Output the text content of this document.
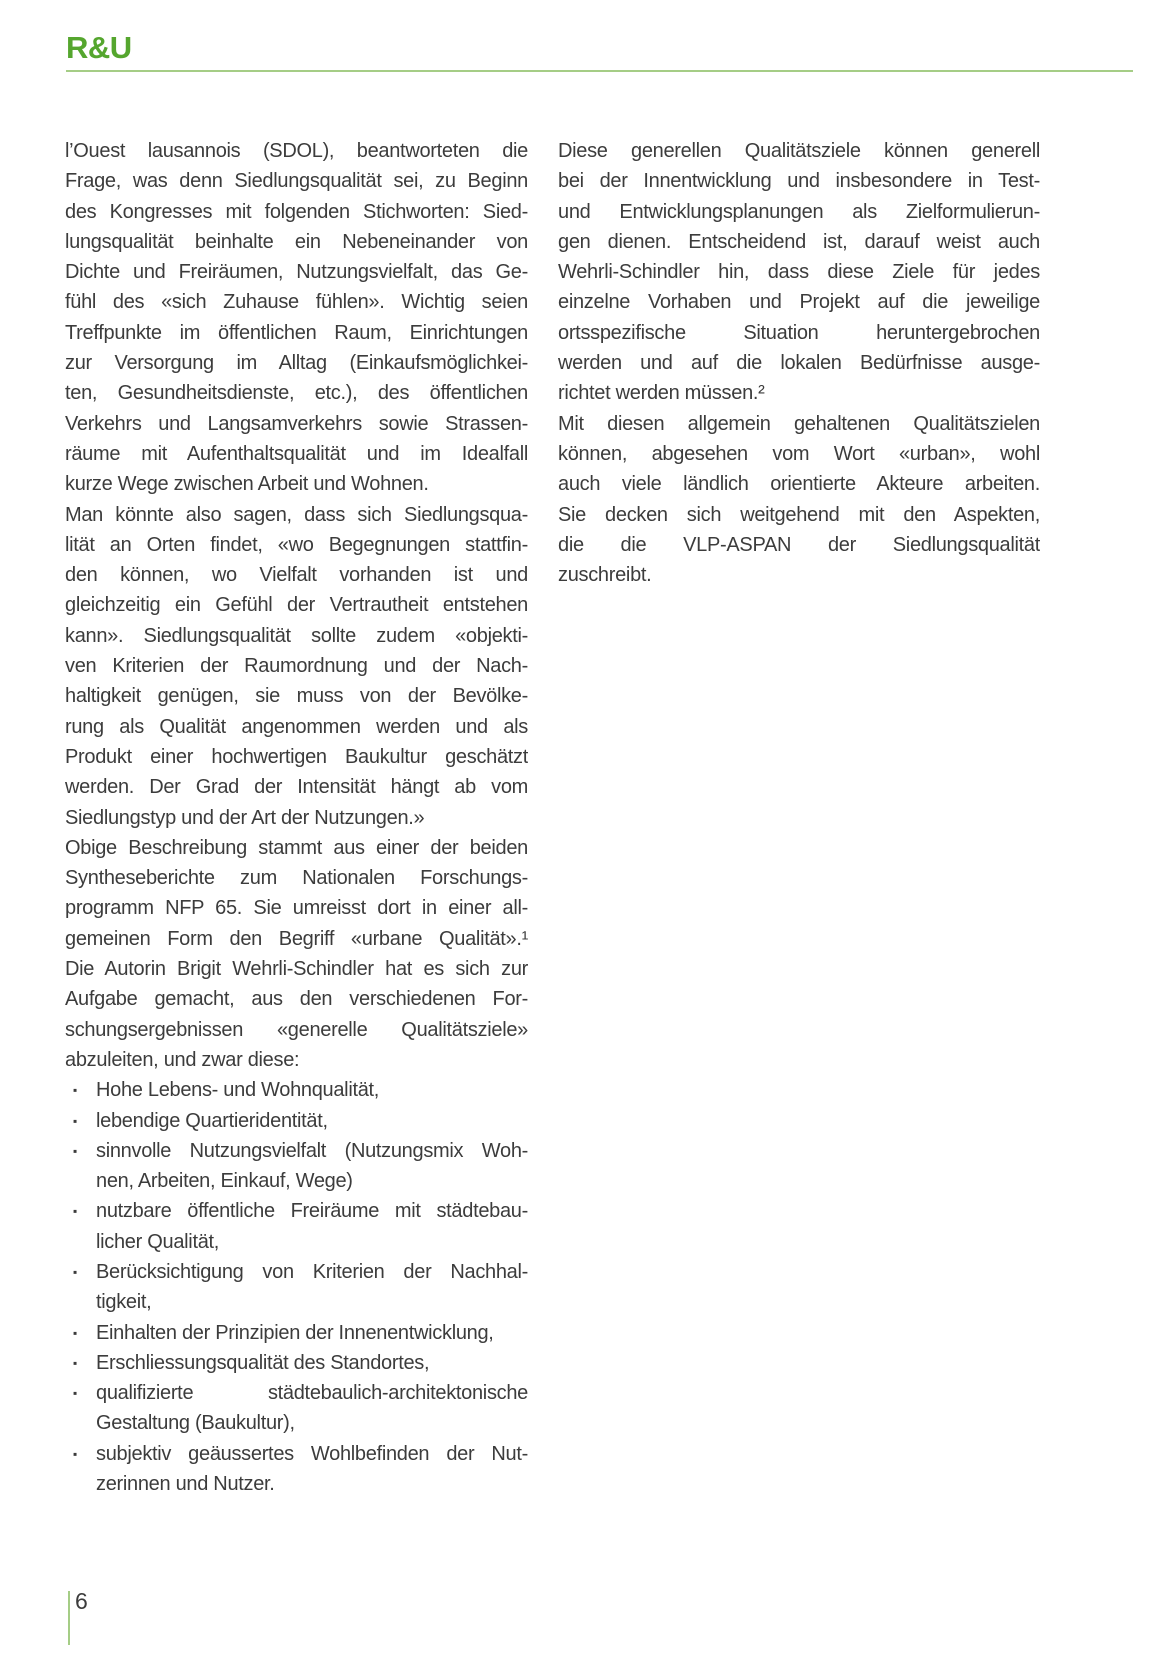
R&U
l’Ouest lausannois (SDOL), beantworteten die
Frage, was denn Siedlungsqualität sei, zu Beginn
des Kongresses mit folgenden Stichworten: Sied-
lungsqualität beinhalte ein Nebeneinander von
Dichte und Freiräumen, Nutzungsvielfalt, das Ge-
fühl des «sich Zuhause fühlen». Wichtig seien
Treffpunkte im öffentlichen Raum, Einrichtungen
zur Versorgung im Alltag (Einkaufsmöglichkei-
ten, Gesundheitsdienste, etc.), des öffentlichen
Verkehrs und Langsamverkehrs sowie Strassen-
räume mit Aufenthaltsqualität und im Idealfall
kurze Wege zwischen Arbeit und Wohnen.
Man könnte also sagen, dass sich Siedlungsqua-
lität an Orten findet, «wo Begegnungen stattfin-
den können, wo Vielfalt vorhanden ist und
gleichzeitig ein Gefühl der Vertrautheit entstehen
kann». Siedlungsqualität sollte zudem «objekti-
ven Kriterien der Raumordnung und der Nach-
haltigkeit genügen, sie muss von der Bevölke-
rung als Qualität angenommen werden und als
Produkt einer hochwertigen Baukultur geschätzt
werden. Der Grad der Intensität hängt ab vom
Siedlungstyp und der Art der Nutzungen.»
Obige Beschreibung stammt aus einer der beiden
Syntheseberichte zum Nationalen Forschungs-
programm NFP 65. Sie umreisst dort in einer all-
gemeinen Form den Begriff «urbane Qualität».¹
Die Autorin Brigit Wehrli-Schindler hat es sich zur
Aufgabe gemacht, aus den verschiedenen For-
schungsergebnissen «generelle Qualitätsziele»
abzuleiten, und zwar diese:
▪ Hohe Lebens- und Wohnqualität,
▪ lebendige Quartieridentität,
▪ sinnvolle Nutzungsvielfalt (Nutzungsmix Woh-
nen, Arbeiten, Einkauf, Wege)
▪ nutzbare öffentliche Freiräume mit städtebau-
licher Qualität,
▪ Berücksichtigung von Kriterien der Nachhal-
tigkeit,
▪ Einhalten der Prinzipien der Innenentwicklung,
▪ Erschliessungsqualität des Standortes,
▪ qualifizierte städtebaulich-architektonische
Gestaltung (Baukultur),
▪ subjektiv geäussertes Wohlbefinden der Nut-
zerinnen und Nutzer.
Diese generellen Qualitätsziele können generell
bei der Innentwicklung und insbesondere in Test-
und Entwicklungsplanungen als Zielformulierun-
gen dienen. Entscheidend ist, darauf weist auch
Wehrli-Schindler hin, dass diese Ziele für jedes
einzelne Vorhaben und Projekt auf die jeweilige
ortsspezifische Situation heruntergebrochen
werden und auf die lokalen Bedürfnisse ausge-
richtet werden müssen.²
Mit diesen allgemein gehaltenen Qualitätszielen
können, abgesehen vom Wort «urban», wohl
auch viele ländlich orientierte Akteure arbeiten.
Sie decken sich weitgehend mit den Aspekten,
die die VLP-ASPAN der Siedlungsqualität
zuschreibt.
6
